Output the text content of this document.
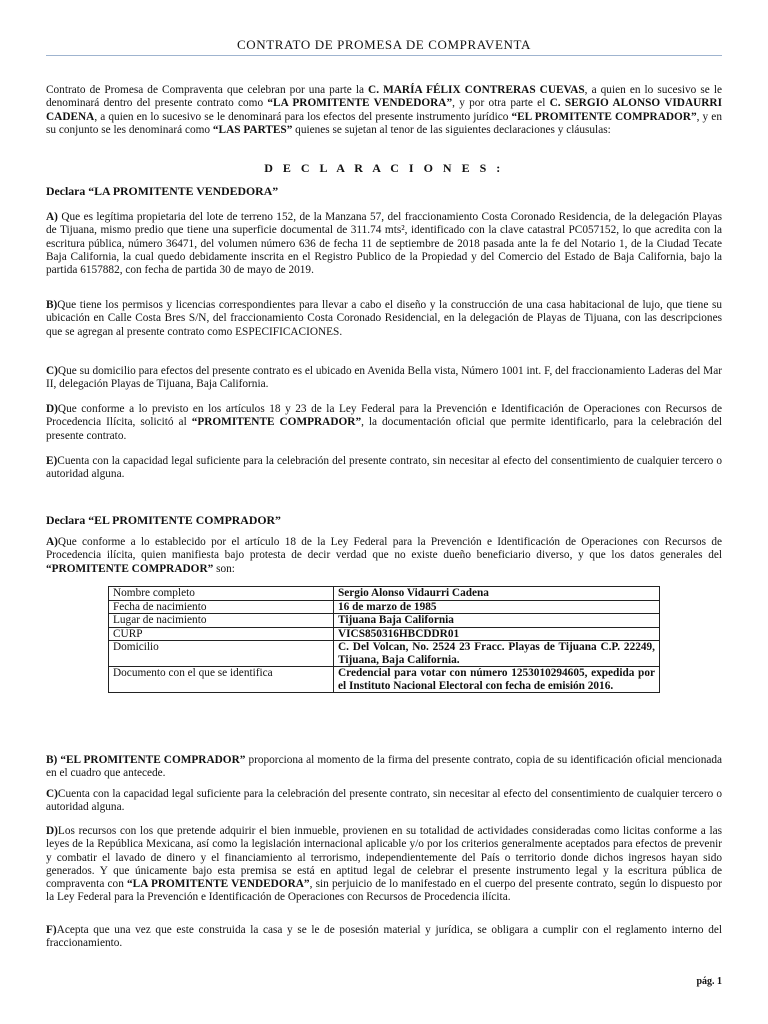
CONTRATO DE PROMESA DE COMPRAVENTA
Contrato de Promesa de Compraventa que celebran por una parte la C. MARÍA FÉLIX CONTRERAS CUEVAS, a quien en lo sucesivo se le denominará dentro del presente contrato como “LA PROMITENTE VENDEDORA”, y por otra parte el C. SERGIO ALONSO VIDAURRI CADENA, a quien en lo sucesivo se le denominará para los efectos del presente instrumento jurídico “EL PROMITENTE COMPRADOR”, y en su conjunto se les denominará como “LAS PARTES” quienes se sujetan al tenor de las siguientes declaraciones y cláusulas:
D E C L A R A C I O N E S :
Declara “LA PROMITENTE VENDEDORA”
A) Que es legítima propietaria del lote de terreno 152, de la Manzana 57, del fraccionamiento Costa Coronado Residencia, de la delegación Playas de Tijuana, mismo predio que tiene una superficie documental de 311.74 mts², identificado con la clave catastral PC057152, lo que acredita con la escritura pública, número 36471, del volumen número 636 de fecha 11 de septiembre de 2018 pasada ante la fe del Notario 1, de la Ciudad Tecate Baja California, la cual quedo debidamente inscrita en el Registro Publico de la Propiedad y del Comercio del Estado de Baja California, bajo la partida 6157882, con fecha de partida 30 de mayo de 2019.
B)Que tiene los permisos y licencias correspondientes para llevar a cabo el diseño y la construcción de una casa habitacional de lujo, que tiene su ubicación en Calle Costa Bres S/N, del fraccionamiento Costa Coronado Residencial, en la delegación de Playas de Tijuana, con las descripciones que se agregan al presente contrato como ESPECIFICACIONES.
C)Que su domicilio para efectos del presente contrato es el ubicado en Avenida Bella vista, Número 1001 int. F, del fraccionamiento Laderas del Mar II, delegación Playas de Tijuana, Baja California.
D)Que conforme a lo previsto en los artículos 18 y 23 de la Ley Federal para la Prevención e Identificación de Operaciones con Recursos de Procedencia Ilícita, solicitó al “PROMITENTE COMPRADOR”, la documentación oficial que permite identificarlo, para la celebración del presente contrato.
E)Cuenta con la capacidad legal suficiente para la celebración del presente contrato, sin necesitar al efecto del consentimiento de cualquier tercero o autoridad alguna.
Declara “EL PROMITENTE COMPRADOR”
A)Que conforme a lo establecido por el artículo 18 de la Ley Federal para la Prevención e Identificación de Operaciones con Recursos de Procedencia ilícita, quien manifiesta bajo protesta de decir verdad que no existe dueño beneficiario diverso, y que los datos generales del “PROMITENTE COMPRADOR” son:
Nombre completo	Sergio Alonso Vidaurri Cadena
Fecha de nacimiento	16 de marzo de 1985
Lugar de nacimiento	Tijuana Baja California
CURP	VICS850316HBCDDR01
Domicilio	C. Del Volcan, No. 2524 23 Fracc. Playas de Tijuana C.P. 22249, Tijuana, Baja California.
Documento con el que se identifica	Credencial para votar con número 1253010294605, expedida por el Instituto Nacional Electoral con fecha de emisión 2016.
B) “EL PROMITENTE COMPRADOR” proporciona al momento de la firma del presente contrato, copia de su identificación oficial mencionada en el cuadro que antecede.
C)Cuenta con la capacidad legal suficiente para la celebración del presente contrato, sin necesitar al efecto del consentimiento de cualquier tercero o autoridad alguna.
D)Los recursos con los que pretende adquirir el bien inmueble, provienen en su totalidad de actividades consideradas como licitas conforme a las leyes de la República Mexicana, así como la legislación internacional aplicable y/o por los criterios generalmente aceptados para efectos de prevenir y combatir el lavado de dinero y el financiamiento al terrorismo, independientemente del País o territorio donde dichos ingresos hayan sido generados. Y que únicamente bajo esta premisa se está en aptitud legal de celebrar el presente instrumento legal y la escritura pública de compraventa con “LA PROMITENTE VENDEDORA”, sin perjuicio de lo manifestado en el cuerpo del presente contrato, según lo dispuesto por la Ley Federal para la Prevención e Identificación de Operaciones con Recursos de Procedencia ilícita.
F)Acepta que una vez que este construida la casa y se le de posesión material y jurídica, se obligara a cumplir con el reglamento interno del fraccionamiento.
pág. 1
